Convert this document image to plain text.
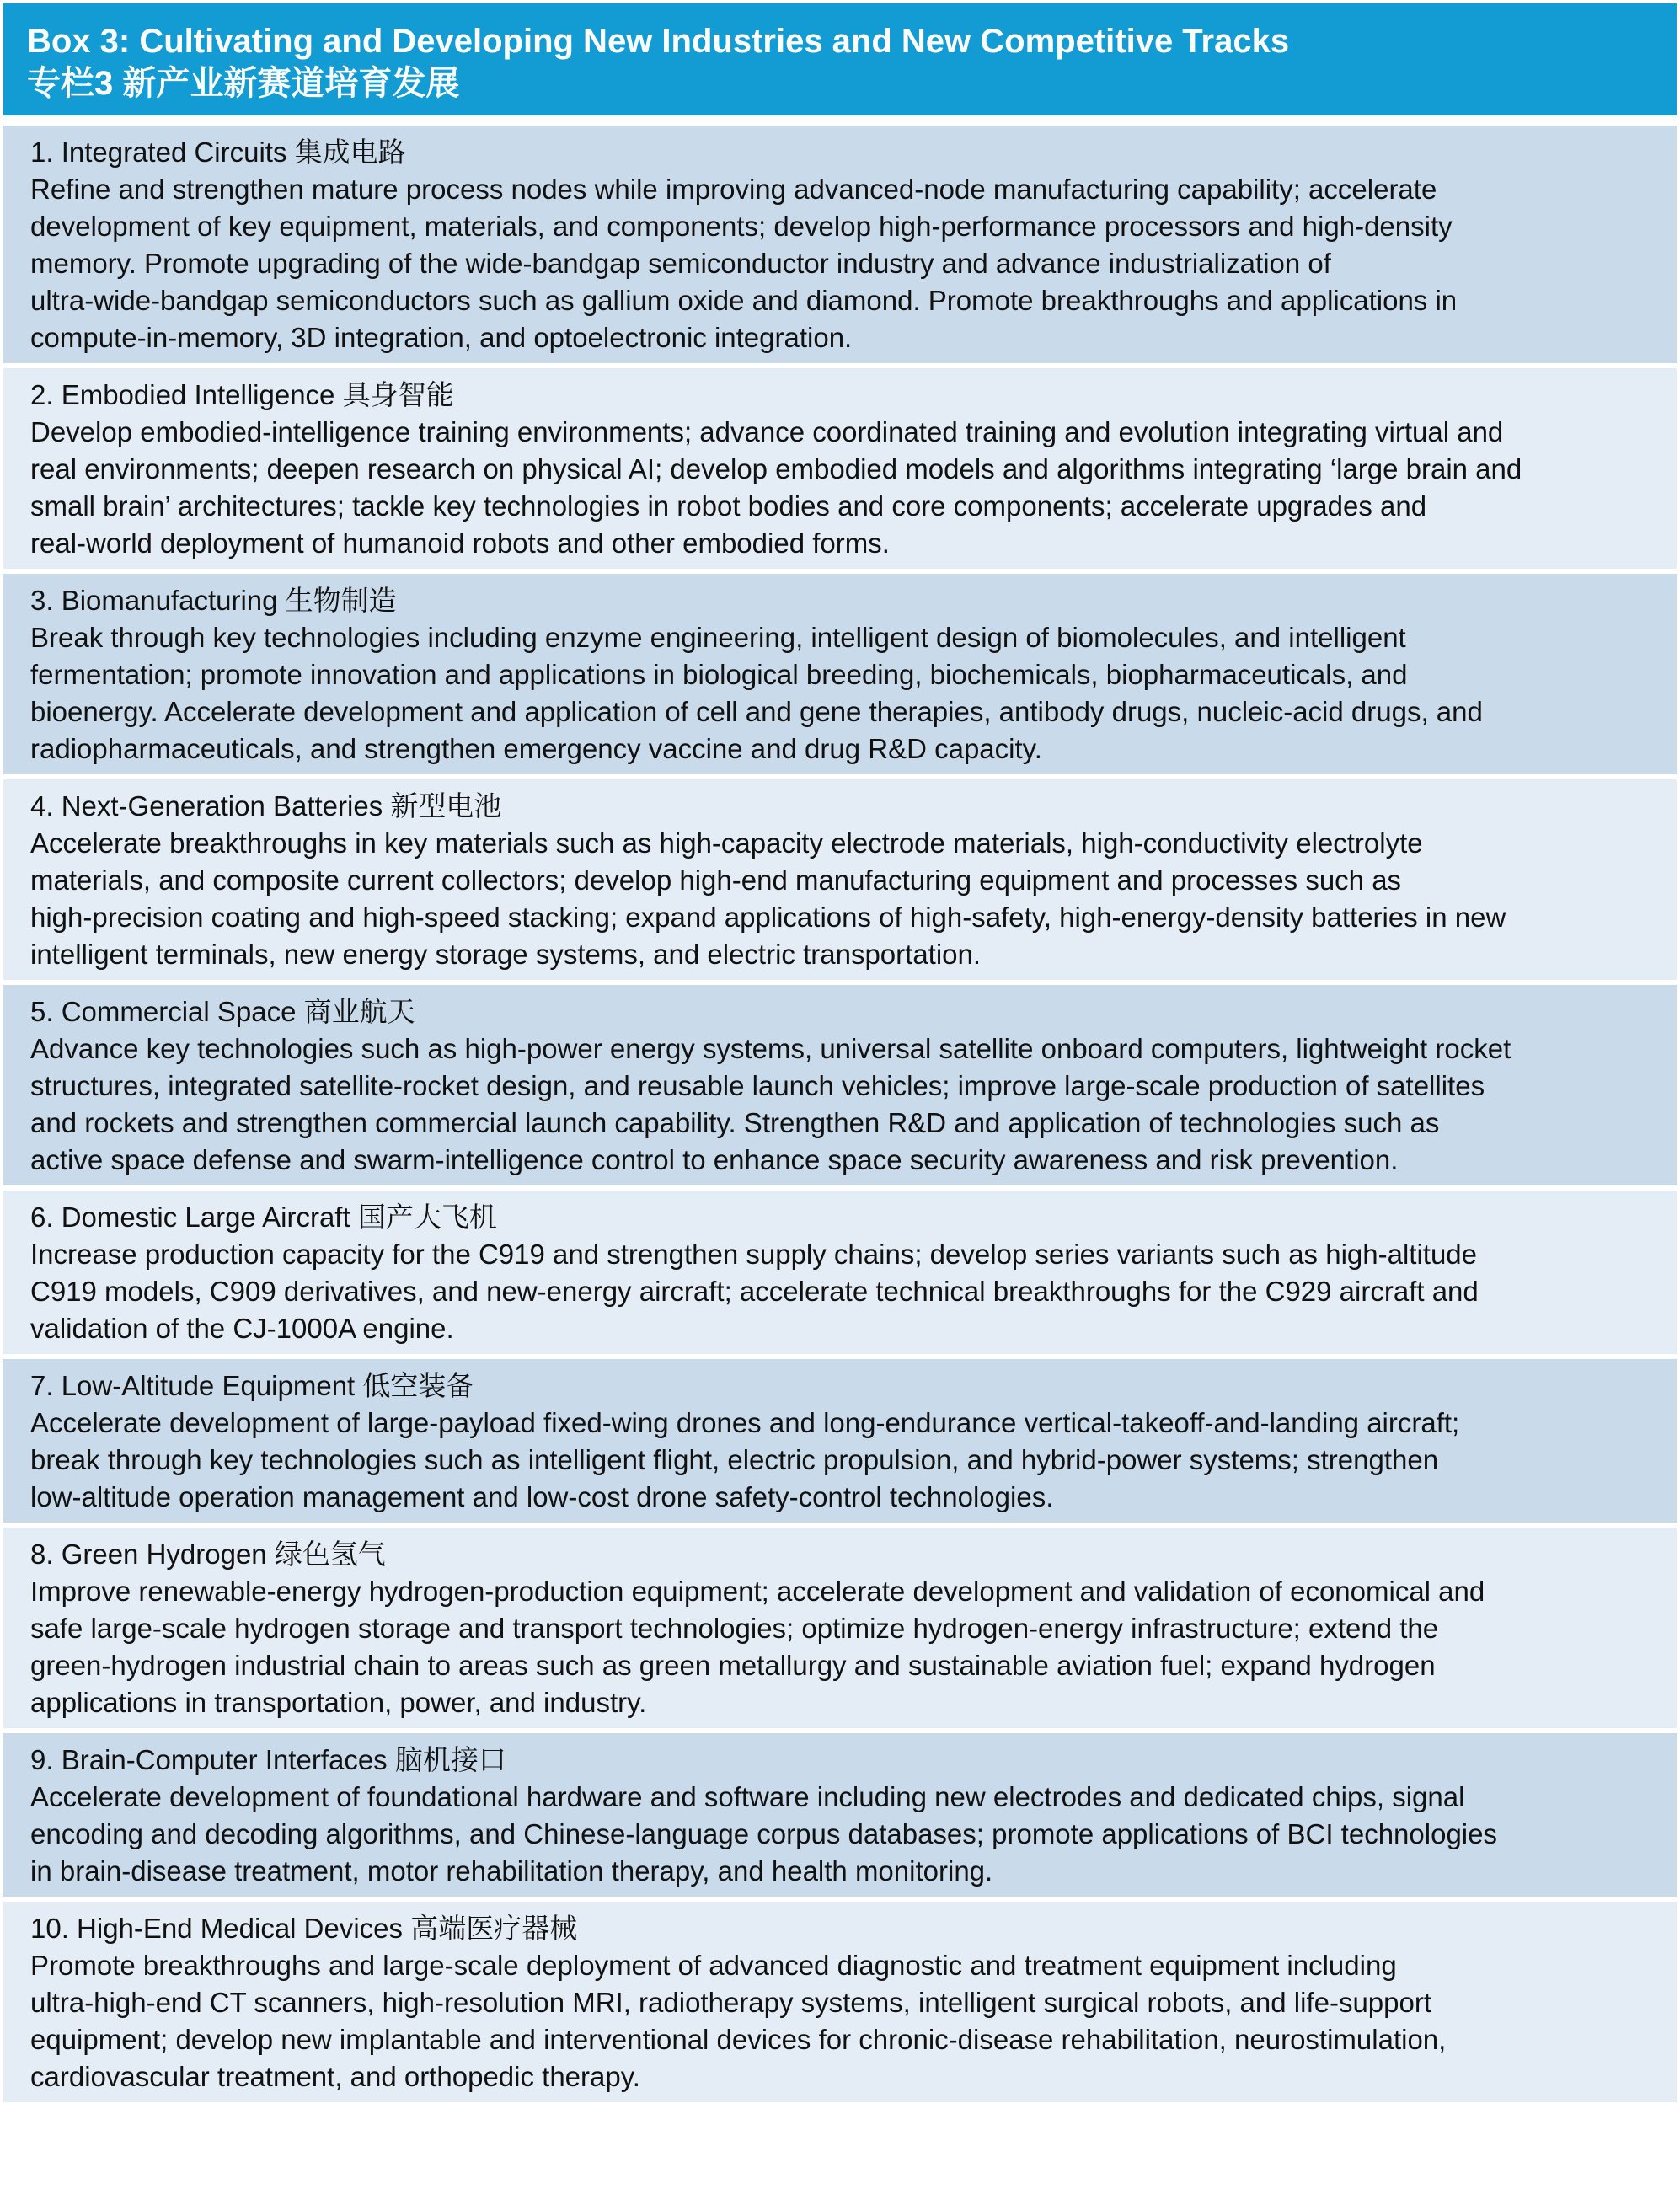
Box 3: Cultivating and Developing New Industries and New Competitive Tracks
专栏3 新产业新赛道培育发展
1. Integrated Circuits 集成电路
Refine and strengthen mature process nodes while improving advanced-node manufacturing capability; accelerate
development of key equipment, materials, and components; develop high-performance processors and high-density
memory. Promote upgrading of the wide-bandgap semiconductor industry and advance industrialization of
ultra-wide-bandgap semiconductors such as gallium oxide and diamond. Promote breakthroughs and applications in
compute-in-memory, 3D integration, and optoelectronic integration.
2. Embodied Intelligence 具身智能
Develop embodied-intelligence training environments; advance coordinated training and evolution integrating virtual and
real environments; deepen research on physical AI; develop embodied models and algorithms integrating ‘large brain and
small brain’ architectures; tackle key technologies in robot bodies and core components; accelerate upgrades and
real-world deployment of humanoid robots and other embodied forms.
3. Biomanufacturing 生物制造
Break through key technologies including enzyme engineering, intelligent design of biomolecules, and intelligent
fermentation; promote innovation and applications in biological breeding, biochemicals, biopharmaceuticals, and
bioenergy. Accelerate development and application of cell and gene therapies, antibody drugs, nucleic-acid drugs, and
radiopharmaceuticals, and strengthen emergency vaccine and drug R&D capacity.
4. Next-Generation Batteries 新型电池
Accelerate breakthroughs in key materials such as high-capacity electrode materials, high-conductivity electrolyte
materials, and composite current collectors; develop high-end manufacturing equipment and processes such as
high-precision coating and high-speed stacking; expand applications of high-safety, high-energy-density batteries in new
intelligent terminals, new energy storage systems, and electric transportation.
5. Commercial Space 商业航天
Advance key technologies such as high-power energy systems, universal satellite onboard computers, lightweight rocket
structures, integrated satellite-rocket design, and reusable launch vehicles; improve large-scale production of satellites
and rockets and strengthen commercial launch capability. Strengthen R&D and application of technologies such as
active space defense and swarm-intelligence control to enhance space security awareness and risk prevention.
6. Domestic Large Aircraft 国产大飞机
Increase production capacity for the C919 and strengthen supply chains; develop series variants such as high-altitude
C919 models, C909 derivatives, and new-energy aircraft; accelerate technical breakthroughs for the C929 aircraft and
validation of the CJ-1000A engine.
7. Low-Altitude Equipment 低空装备
Accelerate development of large-payload fixed-wing drones and long-endurance vertical-takeoff-and-landing aircraft;
break through key technologies such as intelligent flight, electric propulsion, and hybrid-power systems; strengthen
low-altitude operation management and low-cost drone safety-control technologies.
8. Green Hydrogen 绿色氢气
Improve renewable-energy hydrogen-production equipment; accelerate development and validation of economical and
safe large-scale hydrogen storage and transport technologies; optimize hydrogen-energy infrastructure; extend the
green-hydrogen industrial chain to areas such as green metallurgy and sustainable aviation fuel; expand hydrogen
applications in transportation, power, and industry.
9. Brain-Computer Interfaces 脑机接口
Accelerate development of foundational hardware and software including new electrodes and dedicated chips, signal
encoding and decoding algorithms, and Chinese-language corpus databases; promote applications of BCI technologies
in brain-disease treatment, motor rehabilitation therapy, and health monitoring.
10. High-End Medical Devices 高端医疗器械
Promote breakthroughs and large-scale deployment of advanced diagnostic and treatment equipment including
ultra-high-end CT scanners, high-resolution MRI, radiotherapy systems, intelligent surgical robots, and life-support
equipment; develop new implantable and interventional devices for chronic-disease rehabilitation, neurostimulation,
cardiovascular treatment, and orthopedic therapy.
